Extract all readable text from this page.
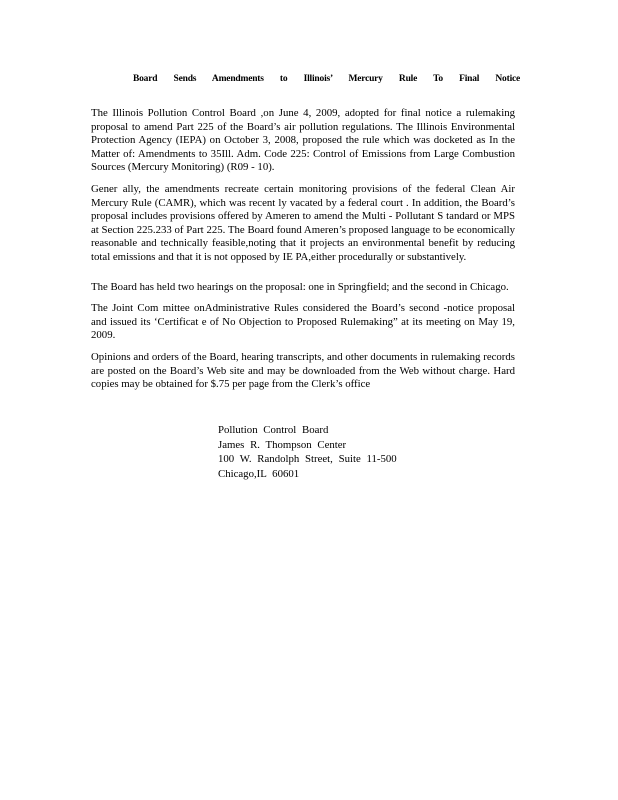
Board Sends Amendments to Illinois’ Mercury Rule To Final Notice

The Illinois Pollution Control Board ,on June 4, 2009, adopted for final notice a rulemaking proposal to amend Part 225 of the Board’s air pollution regulations. The Illinois Environmental Protection Agency (IEPA) on October 3, 2008, proposed the rule which was docketed as In the Matter of: Amendments to 35Ill. Adm. Code 225: Control of Emissions from Large Combustion Sources (Mercury Monitoring) (R09 - 10).

Gener ally, the amendments recreate certain monitoring provisions of the federal Clean Air Mercury Rule (CAMR), which was recent ly vacated by a federal court . In addition, the Board’s proposal includes provisions offered by Ameren to amend the Multi - Pollutant S tandard or MPS at Section 225.233 of Part 225. The Board found Ameren’s proposed language to be economically reasonable and technically feasible,noting that it projects an environmental benefit by reducing total emissions and that it is not opposed by IE PA,either procedurally or substantively.

The Board has held two hearings on the proposal: one in Springfield; and the second in Chicago.

The Joint Com mittee onAdministrative Rules considered the Board’s second -notice proposal and issued its ‘Certificat e of No Objection to Proposed Rulemaking” at its meeting on May 19, 2009.

Opinions and orders of the Board, hearing transcripts, and other documents in rulemaking records are posted on the Board’s Web site and may be downloaded from the Web without charge. Hard copies may be obtained for $.75 per page from the Clerk’s office

Pollution Control Board
James R. Thompson Center
100 W. Randolph Street, Suite 11-500
Chicago,IL 60601
